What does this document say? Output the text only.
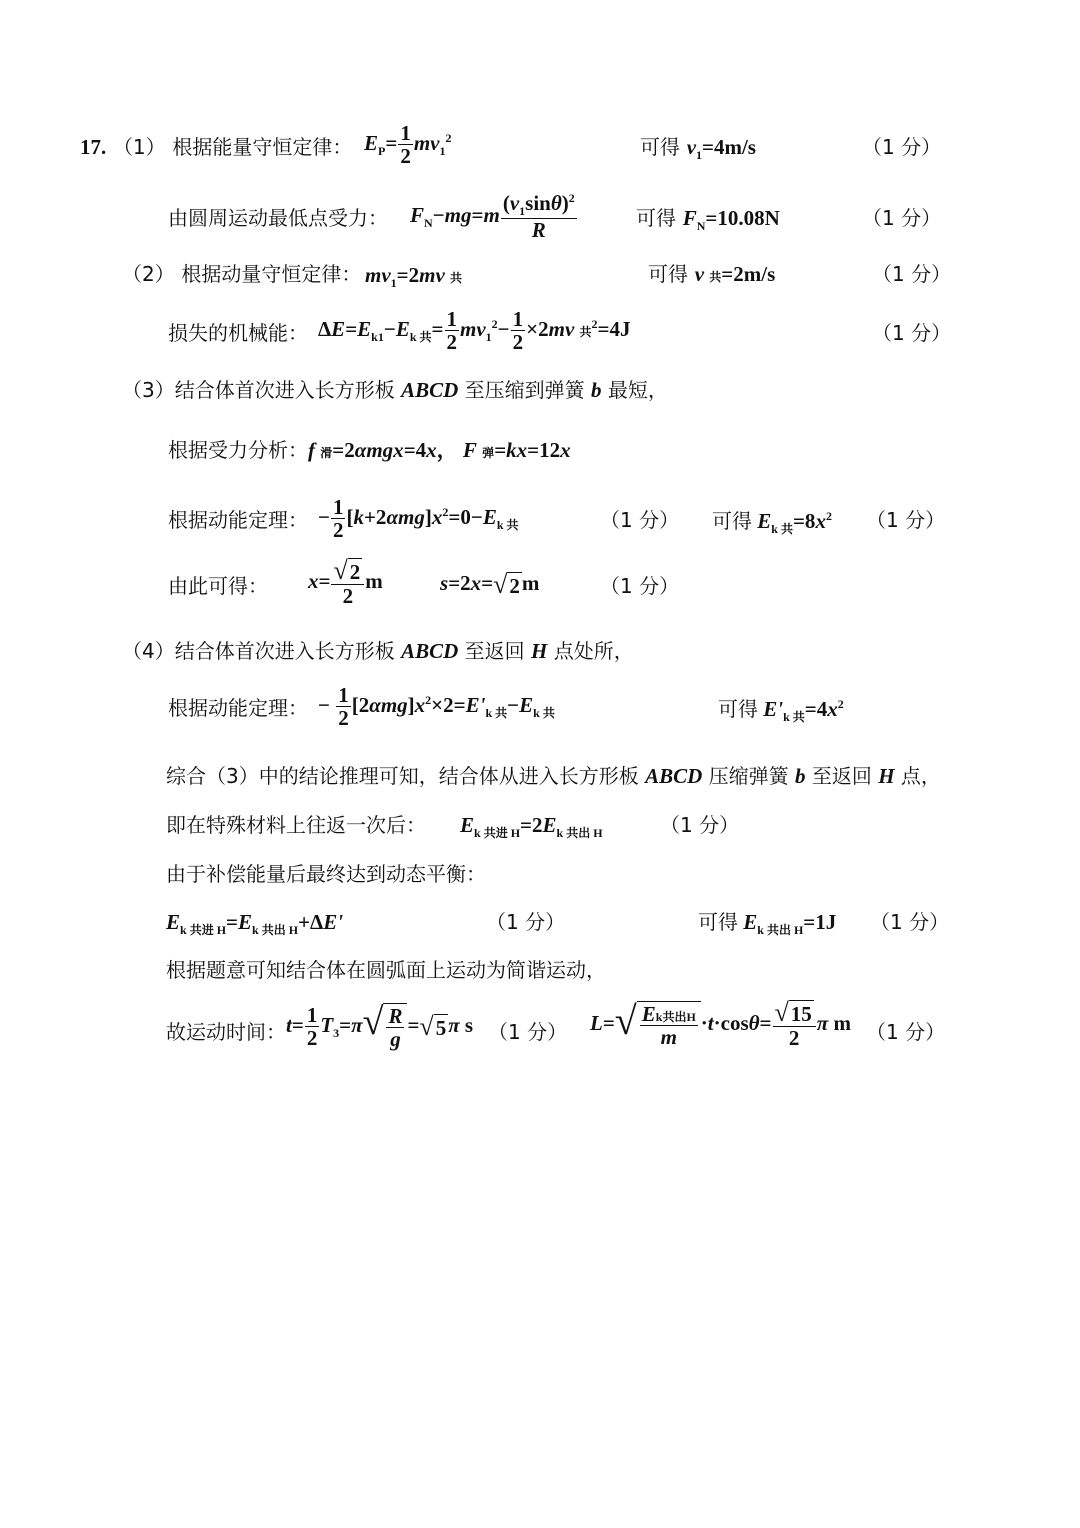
17. （1） 根据能量守恒定律： $E_P= \frac{1}{2} mv_1^2$	可得 $v_1=4m/s$	（1 分）
由圆周运动最低点受力： $F_N-mg=m \frac{(v_1\sin\theta)^2}{R}$	可得 $F_N=10.08N$	（1 分）
（2） 根据动量守恒定律： $mv_1=2mv$ 共	可得 v 共=2m/s	（1 分）
损失的机械能： $\Delta E=E_{k1}-E_{k 共}= \frac{1}{2} mv_1^2- \frac{1}{2} \times 2mv$ 共$^2$=4J	（1 分）
（3）结合体首次进入长方形板 ABCD 至压缩到弹簧 b 最短，
根据受力分析：f 滑=2αmgx=4x， F 弹=kx=12x
根据动能定理： − $\frac{1}{2} [k+2\alpha mg]x^2=0-E_{k 共}$	（1 分） 可得 $E_{k 共}=8x^2$ （1 分）
由此可得： $x= \frac{√ 2}{2}$ m	s=2x= √ 2 m	（1 分）
（4）结合体首次进入长方形板 ABCD 至返回 H 点处所，
根据动能定理： − $\frac{1}{2} [2\alpha mg]x^2\times 2=E'_{k 共}-E_{k 共}$	可得 $E'_{k 共}=4x^2$
综合（3）中的结论推理可知，结合体从进入长方形板 ABCD 压缩弹簧 b 至返回 H 点，
即在特殊材料上往返一次后： $E_{k 共进 H}=2E_{k 共出 H}$	（1 分）
由于补偿能量后最终达到动态平衡：
$E_{k 共进 H}=E_{k 共出 H}+\Delta E'$	（1 分）	可得 $E_{k 共出 H}=1J$ （1 分）
根据题意可知结合体在圆弧面上运动为简谐运动，
故运动时间： $t= \frac{1}{2} T_3=\pi$ √ $\frac{R}{g}$ = √ 5 π s （1 分） L= √ $\frac{\text{Ek共出H}}{m} \cdot t\cdot\cos\theta= \frac{√ 15}{2}$ π m （1 分）
